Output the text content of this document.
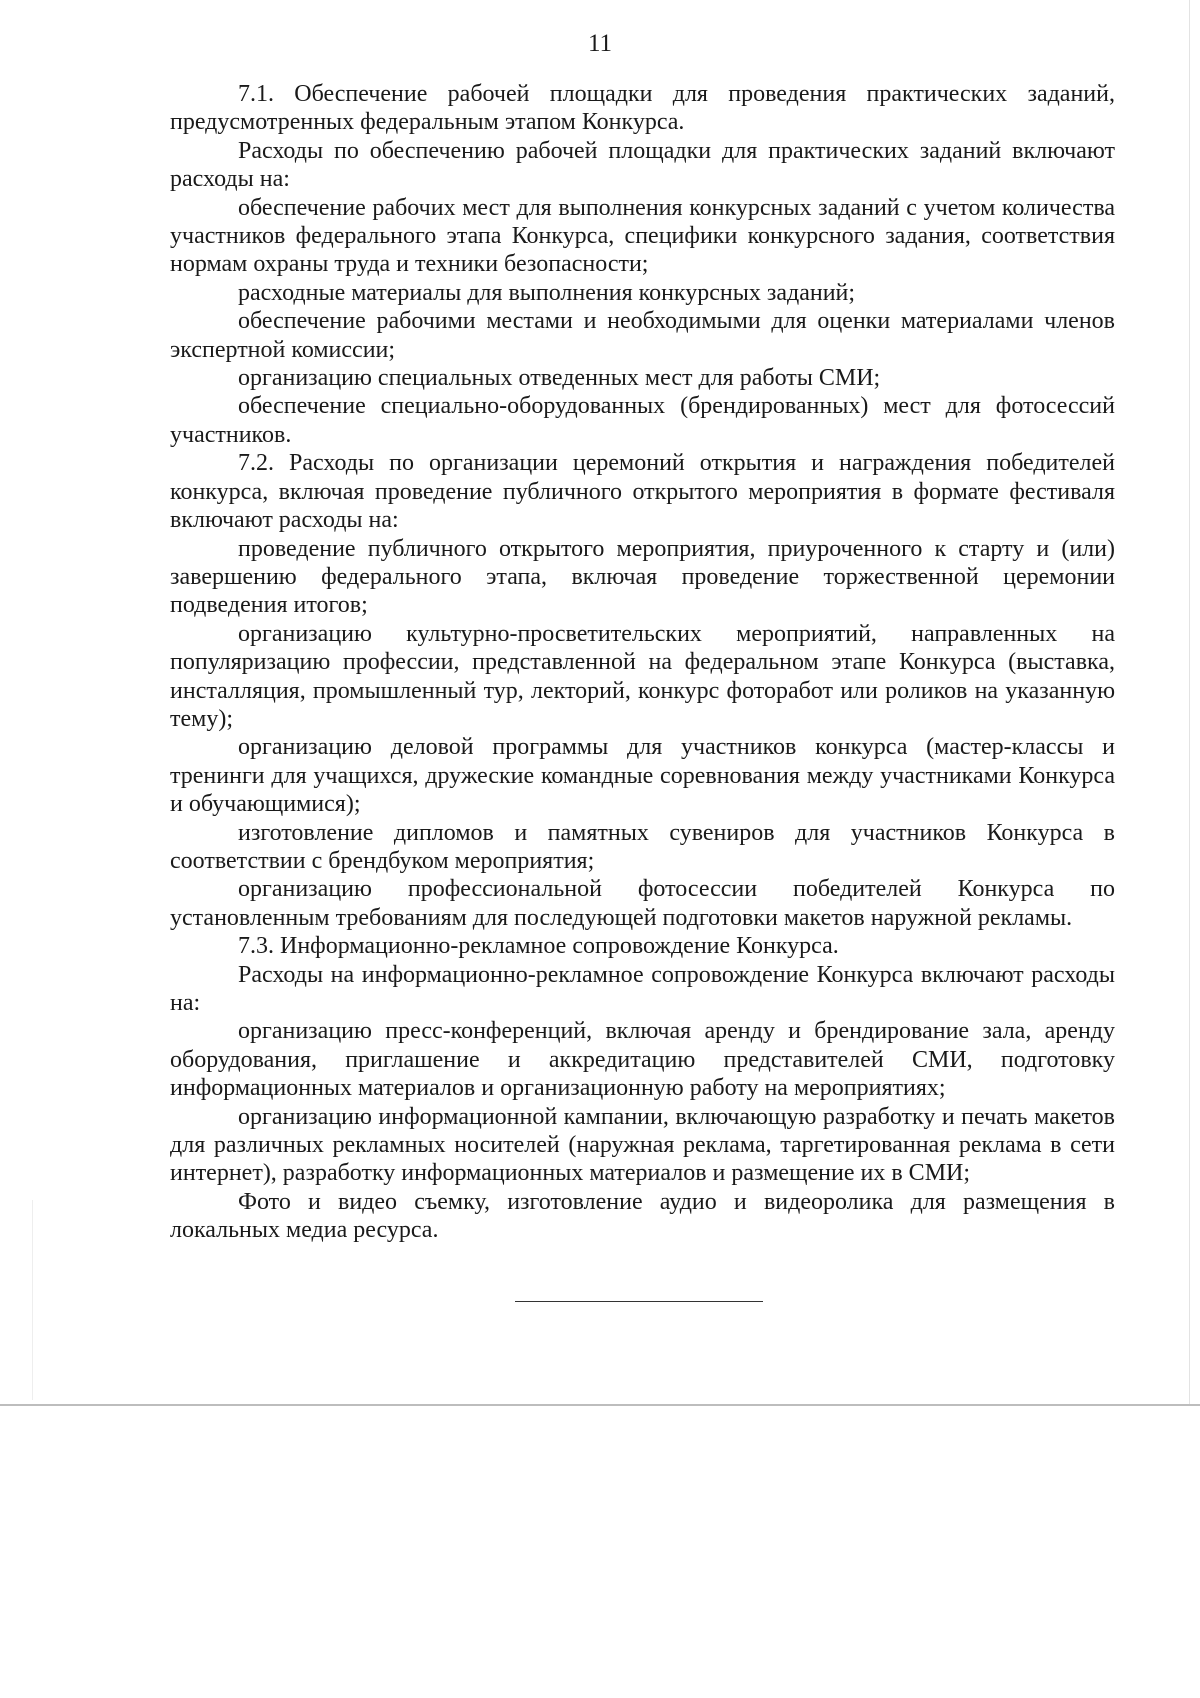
11

7.1. Обеспечение рабочей площадки для проведения практических заданий, предусмотренных федеральным этапом Конкурса.

Расходы по обеспечению рабочей площадки для практических заданий включают расходы на:

обеспечение рабочих мест для выполнения конкурсных заданий с учетом количества участников федерального этапа Конкурса, специфики конкурсного задания, соответствия нормам охраны труда и техники безопасности;

расходные материалы для выполнения конкурсных заданий;

обеспечение рабочими местами и необходимыми для оценки материалами членов экспертной комиссии;

организацию специальных отведенных мест для работы СМИ;

обеспечение специально-оборудованных (брендированных) мест для фотосессий участников.

7.2. Расходы по организации церемоний открытия и награждения победителей конкурса, включая проведение публичного открытого мероприятия в формате фестиваля включают расходы на:

проведение публичного открытого мероприятия, приуроченного к старту и (или) завершению федерального этапа, включая проведение торжественной церемонии подведения итогов;

организацию культурно-просветительских мероприятий, направленных на популяризацию профессии, представленной на федеральном этапе Конкурса (выставка, инсталляция, промышленный тур, лекторий, конкурс фоторабот или роликов на указанную тему);

организацию деловой программы для участников конкурса (мастер-классы и тренинги для учащихся, дружеские командные соревнования между участниками Конкурса и обучающимися);

изготовление дипломов и памятных сувениров для участников Конкурса в соответствии с брендбуком мероприятия;

организацию профессиональной фотосессии победителей Конкурса по установленным требованиям для последующей подготовки макетов наружной рекламы.

7.3. Информационно-рекламное сопровождение Конкурса.

Расходы на информационно-рекламное сопровождение Конкурса включают расходы на:

организацию пресс-конференций, включая аренду и брендирование зала, аренду оборудования, приглашение и аккредитацию представителей СМИ, подготовку информационных материалов и организационную работу на мероприятиях;

организацию информационной кампании, включающую разработку и печать макетов для различных рекламных носителей (наружная реклама, таргетированная реклама в сети интернет), разработку информационных материалов и размещение их в СМИ;

Фото и видео съемку, изготовление аудио и видеоролика для размещения в локальных медиа ресурса.
